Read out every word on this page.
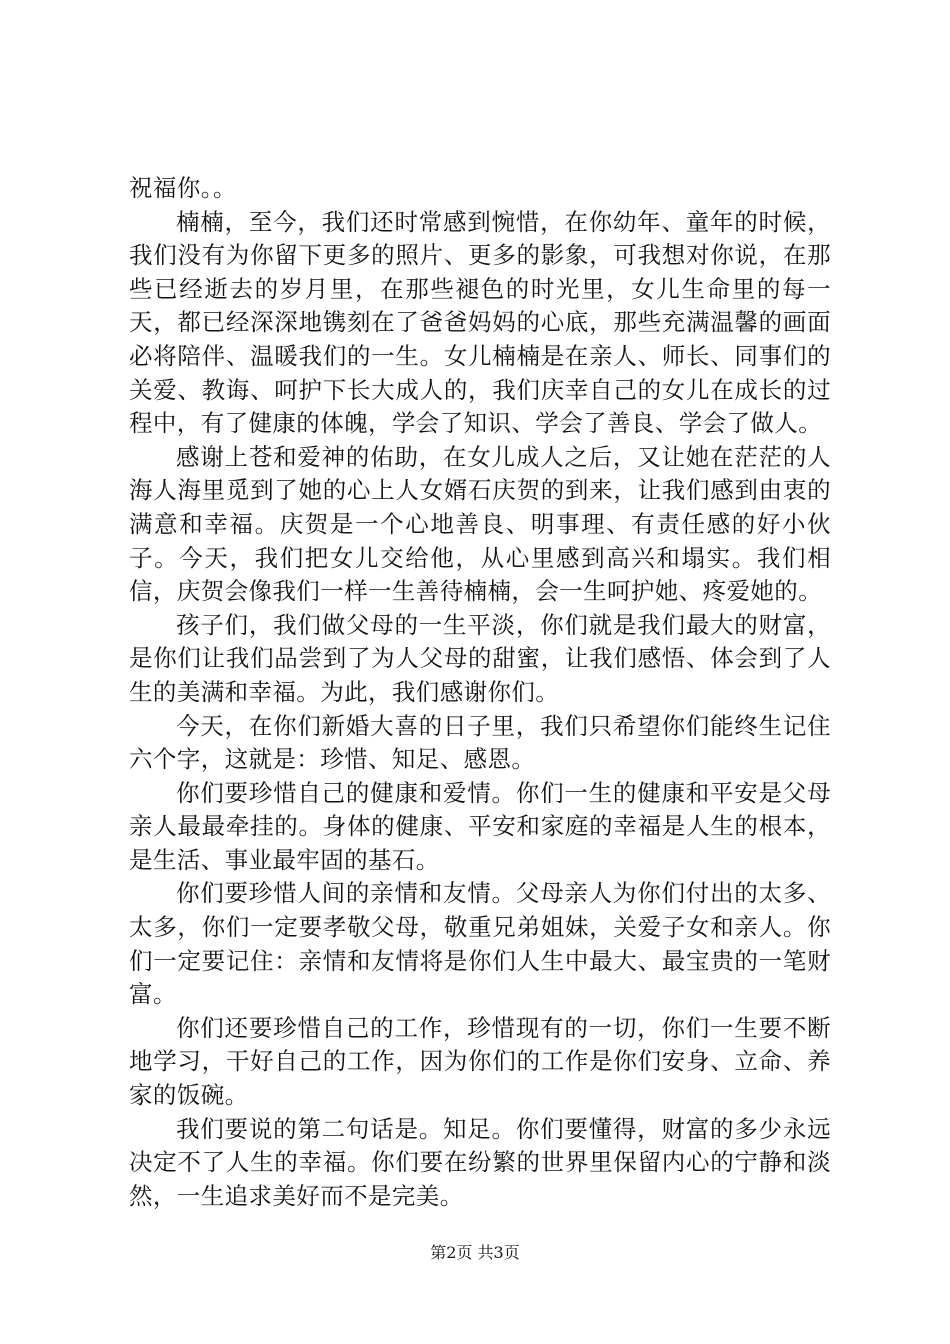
祝福你。。

楠楠，至今，我们还时常感到惋惜，在你幼年、童年的时候，我们没有为你留下更多的照片、更多的影象，可我想对你说，在那些已经逝去的岁月里，在那些褪色的时光里，女儿生命里的每一天，都已经深深地镌刻在了爸爸妈妈的心底，那些充满温馨的画面必将陪伴、温暖我们的一生。女儿楠楠是在亲人、师长、同事们的关爱、教诲、呵护下长大成人的，我们庆幸自己的女儿在成长的过程中，有了健康的体魄，学会了知识、学会了善良、学会了做人。

感谢上苍和爱神的佑助，在女儿成人之后，又让她在茫茫的人海人海里觅到了她的心上人女婿石庆贺的到来，让我们感到由衷的满意和幸福。庆贺是一个心地善良、明事理、有责任感的好小伙子。今天，我们把女儿交给他，从心里感到高兴和塌实。我们相信，庆贺会像我们一样一生善待楠楠，会一生呵护她、疼爱她的。

孩子们，我们做父母的一生平淡，你们就是我们最大的财富，是你们让我们品尝到了为人父母的甜蜜，让我们感悟、体会到了人生的美满和幸福。为此，我们感谢你们。

今天，在你们新婚大喜的日子里，我们只希望你们能终生记住六个字，这就是：珍惜、知足、感恩。

你们要珍惜自己的健康和爱情。你们一生的健康和平安是父母亲人最最牵挂的。身体的健康、平安和家庭的幸福是人生的根本，是生活、事业最牢固的基石。

你们要珍惜人间的亲情和友情。父母亲人为你们付出的太多、太多，你们一定要孝敬父母，敬重兄弟姐妹，关爱子女和亲人。你们一定要记住：亲情和友情将是你们人生中最大、最宝贵的一笔财富。

你们还要珍惜自己的工作，珍惜现有的一切，你们一生要不断地学习，干好自己的工作，因为你们的工作是你们安身、立命、养家的饭碗。

我们要说的第二句话是。知足。你们要懂得，财富的多少永远决定不了人生的幸福。你们要在纷繁的世界里保留内心的宁静和淡然，一生追求美好而不是完美。

第2页 共3页
